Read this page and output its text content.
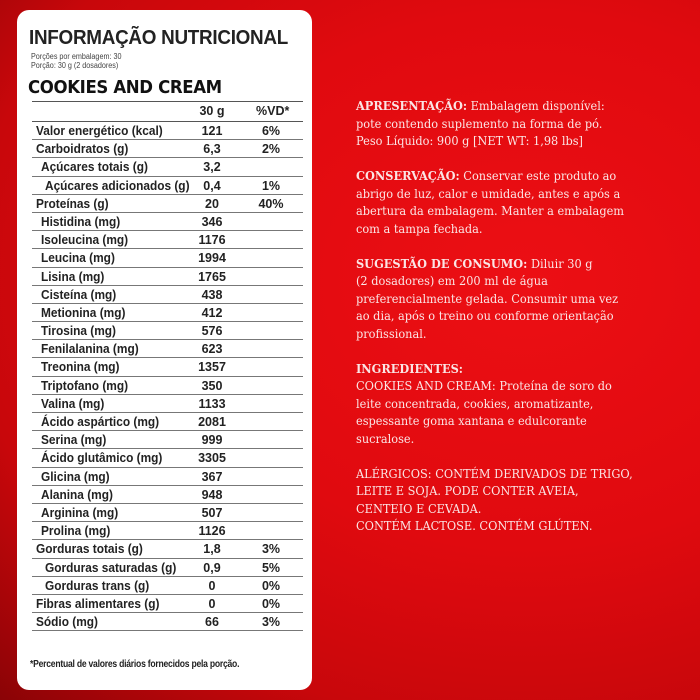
INFORMAÇÃO NUTRICIONAL
Porções por embalagem: 30
Porção: 30 g (2 dosadores)
COOKIES AND CREAM
30 g	%VD*
Valor energético (kcal)	121	6%
Carboidratos (g)	6,3	2%
Açúcares totais (g)	3,2
Açúcares adicionados (g)	0,4	1%
Proteínas (g)	20	40%
Histidina (mg)	346
Isoleucina (mg)	1176
Leucina (mg)	1994
Lisina (mg)	1765
Cisteína (mg)	438
Metionina (mg)	412
Tirosina (mg)	576
Fenilalanina (mg)	623
Treonina (mg)	1357
Triptofano (mg)	350
Valina (mg)	1133
Ácido aspártico (mg)	2081
Serina (mg)	999
Ácido glutâmico (mg)	3305
Glicina (mg)	367
Alanina (mg)	948
Arginina (mg)	507
Prolina (mg)	1126
Gorduras totais (g)	1,8	3%
Gorduras saturadas (g)	0,9	5%
Gorduras trans (g)	0	0%
Fibras alimentares (g)	0	0%
Sódio (mg)	66	3%
*Percentual de valores diários fornecidos pela porção.

APRESENTAÇÃO: Embalagem disponível:
pote contendo suplemento na forma de pó.
Peso Líquido: 900 g [NET WT: 1,98 lbs]

CONSERVAÇÃO: Conservar este produto ao
abrigo de luz, calor e umidade, antes e após a
abertura da embalagem. Manter a embalagem
com a tampa fechada.

SUGESTÃO DE CONSUMO: Diluir 30 g
(2 dosadores) em 200 ml de água
preferencialmente gelada. Consumir uma vez
ao dia, após o treino ou conforme orientação
profissional.

INGREDIENTES:
COOKIES AND CREAM: Proteína de soro do
leite concentrada, cookies, aromatizante,
espessante goma xantana e edulcorante
sucralose.

ALÉRGICOS: CONTÉM DERIVADOS DE TRIGO,
LEITE E SOJA. PODE CONTER AVEIA,
CENTEIO E CEVADA.
CONTÉM LACTOSE. CONTÉM GLÚTEN.
